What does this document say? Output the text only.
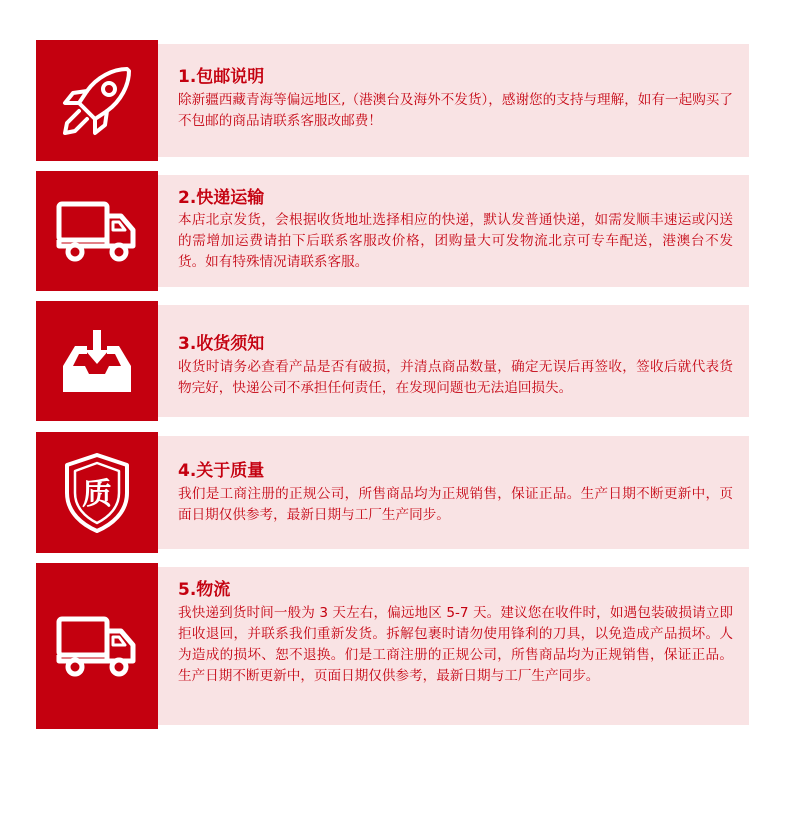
1.包邮说明
除新疆西藏青海等偏远地区,（港澳台及海外不发货），感谢您的支持与理解，如有一起购买了不包邮的商品请联系客服改邮费！
2.快递运输
本店北京发货，会根据收货地址选择相应的快递，默认发普通快递，如需发顺丰速运或闪送的需增加运费请拍下后联系客服改价格，团购量大可发物流北京可专车配送，港澳台不发货。如有特殊情况请联系客服。
3.收货须知
收货时请务必查看产品是否有破损，并清点商品数量，确定无误后再签收，签收后就代表货物完好，快递公司不承担任何责任，在发现问题也无法追回损失。
质
4.关于质量
我们是工商注册的正规公司，所售商品均为正规销售，保证正品。生产日期不断更新中，页面日期仅供参考，最新日期与工厂生产同步。
5.物流
我快递到货时间一般为 3 天左右，偏远地区 5-7 天。建议您在收件时，如遇包装破损请立即拒收退回，并联系我们重新发货。拆解包裹时请勿使用锋利的刀具，以免造成产品损坏。人为造成的损坏、恕不退换。们是工商注册的正规公司，所售商品均为正规销售，保证正品。生产日期不断更新中，页面日期仅供参考，最新日期与工厂生产同步。
